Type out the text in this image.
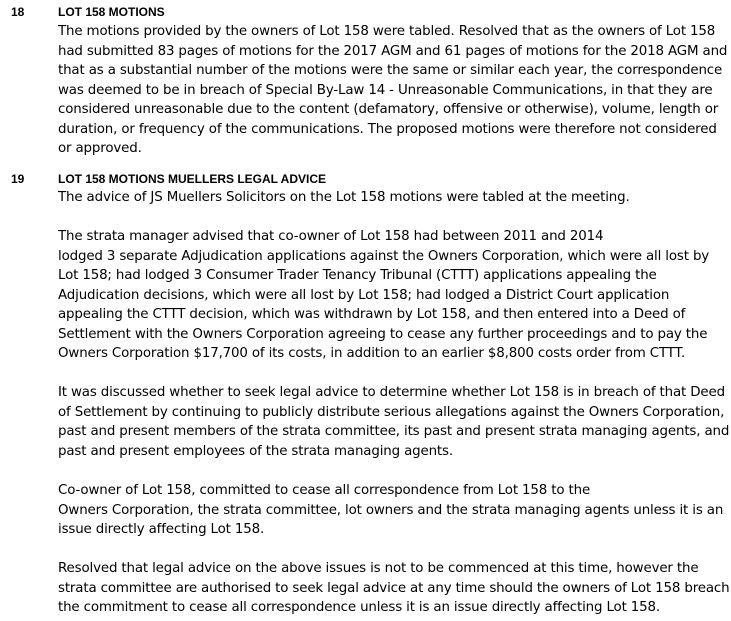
18	LOT 158 MOTIONS
The motions provided by the owners of Lot 158 were tabled. Resolved that as the owners of Lot 158
had submitted 83 pages of motions for the 2017 AGM and 61 pages of motions for the 2018 AGM and
that as a substantial number of the motions were the same or similar each year, the correspondence
was deemed to be in breach of Special By-Law 14 - Unreasonable Communications, in that they are
considered unreasonable due to the content (defamatory, offensive or otherwise), volume, length or
duration, or frequency of the communications. The proposed motions were therefore not considered
or approved.
19	LOT 158 MOTIONS MUELLERS LEGAL ADVICE
The advice of JS Muellers Solicitors on the Lot 158 motions were tabled at the meeting.
The strata manager advised that co-owner of Lot 158 had between 2011 and 2014
lodged 3 separate Adjudication applications against the Owners Corporation, which were all lost by
Lot 158; had lodged 3 Consumer Trader Tenancy Tribunal (CTTT) applications appealing the
Adjudication decisions, which were all lost by Lot 158; had lodged a District Court application
appealing the CTTT decision, which was withdrawn by Lot 158, and then entered into a Deed of
Settlement with the Owners Corporation agreeing to cease any further proceedings and to pay the
Owners Corporation $17,700 of its costs, in addition to an earlier $8,800 costs order from CTTT.
It was discussed whether to seek legal advice to determine whether Lot 158 is in breach of that Deed
of Settlement by continuing to publicly distribute serious allegations against the Owners Corporation,
past and present members of the strata committee, its past and present strata managing agents, and
past and present employees of the strata managing agents.
Co-owner of Lot 158, committed to cease all correspondence from Lot 158 to the
Owners Corporation, the strata committee, lot owners and the strata managing agents unless it is an
issue directly affecting Lot 158.
Resolved that legal advice on the above issues is not to be commenced at this time, however the
strata committee are authorised to seek legal advice at any time should the owners of Lot 158 breach
the commitment to cease all correspondence unless it is an issue directly affecting Lot 158.
